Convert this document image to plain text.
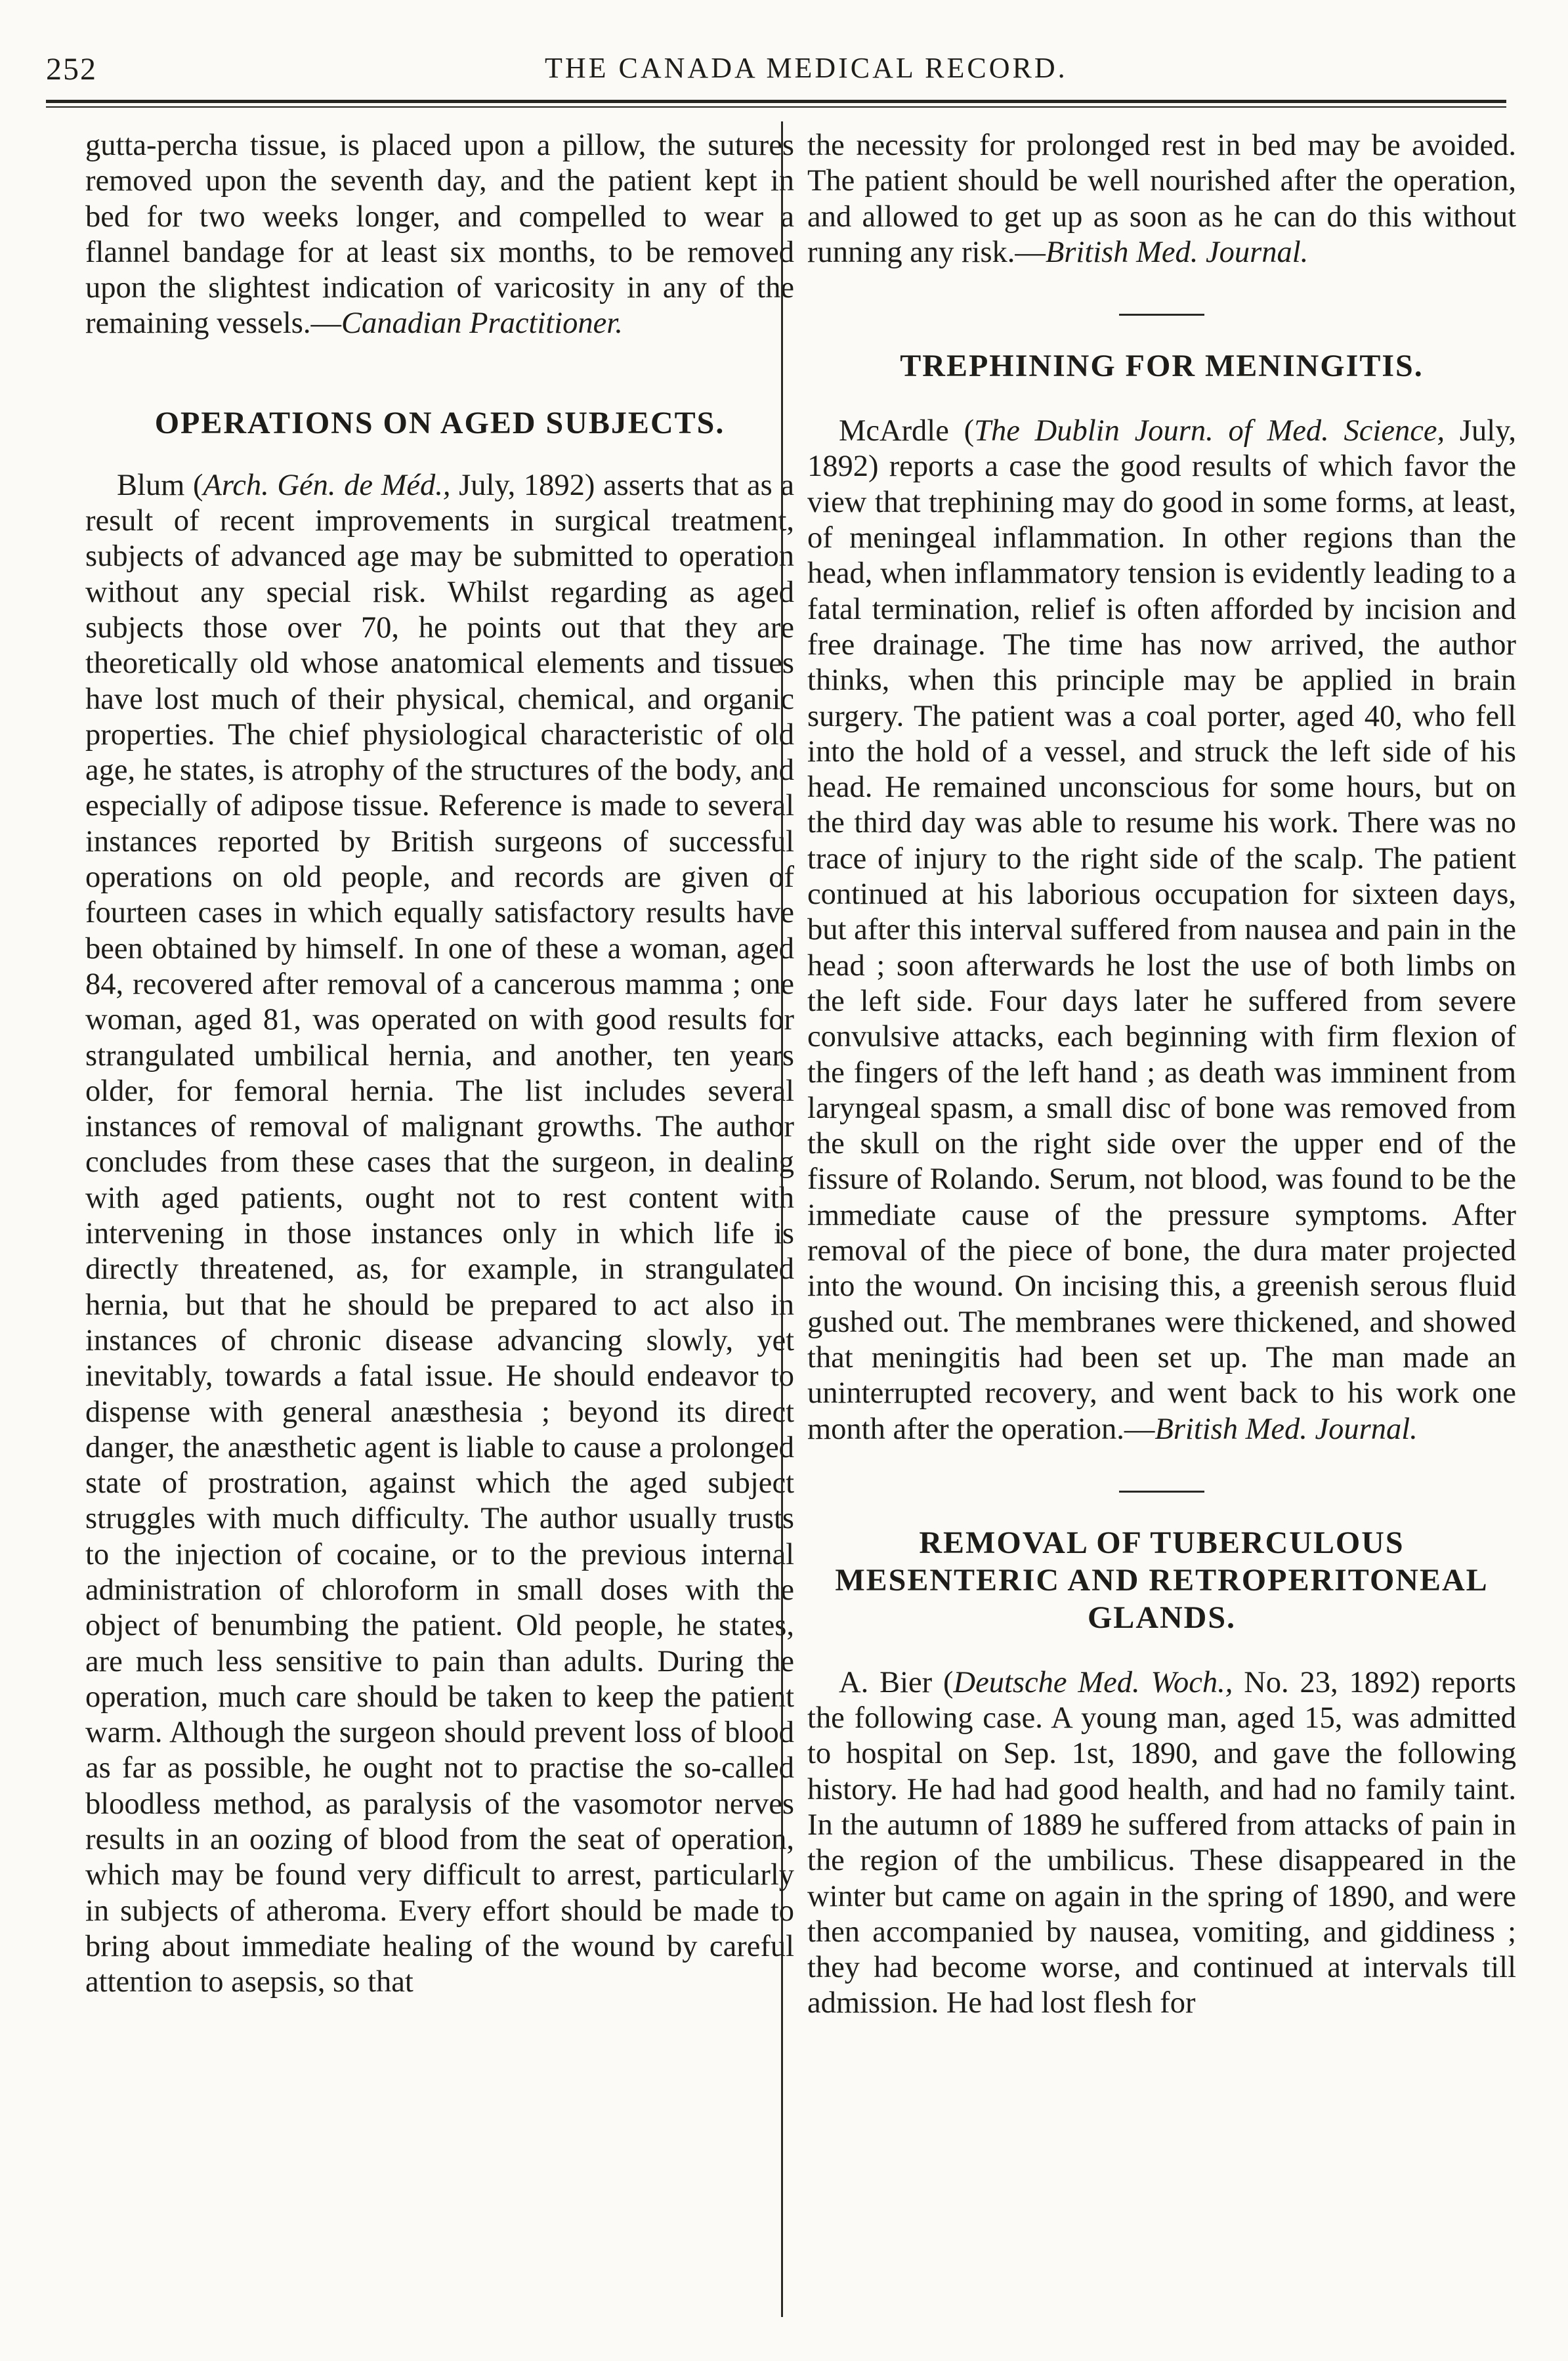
252	THE CANADA MEDICAL RECORD.

gutta-percha tissue, is placed upon a pillow, the sutures removed upon the seventh day, and the patient kept in bed for two weeks longer, and compelled to wear a flannel bandage for at least six months, to be removed upon the slightest indication of varicosity in any of the remaining vessels.—Canadian Practitioner.

OPERATIONS ON AGED SUBJECTS.

Blum (Arch. Gén. de Méd., July, 1892) asserts that as a result of recent improvements in surgical treatment, subjects of advanced age may be submitted to operation without any special risk. Whilst regarding as aged subjects those over 70, he points out that they are theoretically old whose anatomical elements and tissues have lost much of their physical, chemical, and organic properties. The chief physiological characteristic of old age, he states, is atrophy of the structures of the body, and especially of adipose tissue. Reference is made to several instances reported by British surgeons of successful operations on old people, and records are given of fourteen cases in which equally satisfactory results have been obtained by himself. In one of these a woman, aged 84, recovered after removal of a cancerous mamma ; one woman, aged 81, was operated on with good results for strangulated umbilical hernia, and another, ten years older, for femoral hernia. The list includes several instances of removal of malignant growths. The author concludes from these cases that the surgeon, in dealing with aged patients, ought not to rest content with intervening in those instances only in which life is directly threatened, as, for example, in strangulated hernia, but that he should be prepared to act also in instances of chronic disease advancing slowly, yet inevitably, towards a fatal issue. He should endeavor to dispense with general anæsthesia ; beyond its direct danger, the anæsthetic agent is liable to cause a prolonged state of prostration, against which the aged subject struggles with much difficulty. The author usually trusts to the injection of cocaine, or to the previous internal administration of chloroform in small doses with the object of benumbing the patient. Old people, he states, are much less sensitive to pain than adults. During the operation, much care should be taken to keep the patient warm. Although the surgeon should prevent loss of blood as far as possible, he ought not to practise the so-called bloodless method, as paralysis of the vasomotor nerves results in an oozing of blood from the seat of operation, which may be found very difficult to arrest, particularly in subjects of atheroma. Every effort should be made to bring about immediate healing of the wound by careful attention to asepsis, so that

the necessity for prolonged rest in bed may be avoided. The patient should be well nourished after the operation, and allowed to get up as soon as he can do this without running any risk.—British Med. Journal.

TREPHINING FOR MENINGITIS.

McArdle (The Dublin Journ. of Med. Science, July, 1892) reports a case the good results of which favor the view that trephining may do good in some forms, at least, of meningeal inflammation. In other regions than the head, when inflammatory tension is evidently leading to a fatal termination, relief is often afforded by incision and free drainage. The time has now arrived, the author thinks, when this principle may be applied in brain surgery. The patient was a coal porter, aged 40, who fell into the hold of a vessel, and struck the left side of his head. He remained unconscious for some hours, but on the third day was able to resume his work. There was no trace of injury to the right side of the scalp. The patient continued at his laborious occupation for sixteen days, but after this interval suffered from nausea and pain in the head ; soon afterwards he lost the use of both limbs on the left side. Four days later he suffered from severe convulsive attacks, each beginning with firm flexion of the fingers of the left hand ; as death was imminent from laryngeal spasm, a small disc of bone was removed from the skull on the right side over the upper end of the fissure of Rolando. Serum, not blood, was found to be the immediate cause of the pressure symptoms. After removal of the piece of bone, the dura mater projected into the wound. On incising this, a greenish serous fluid gushed out. The membranes were thickened, and showed that meningitis had been set up. The man made an uninterrupted recovery, and went back to his work one month after the operation.—British Med. Journal.

REMOVAL OF TUBERCULOUS MESENTERIC AND RETROPERITONEAL GLANDS.

A. Bier (Deutsche Med. Woch., No. 23, 1892) reports the following case. A young man, aged 15, was admitted to hospital on Sep. 1st, 1890, and gave the following history. He had had good health, and had no family taint. In the autumn of 1889 he suffered from attacks of pain in the region of the umbilicus. These disappeared in the winter but came on again in the spring of 1890, and were then accompanied by nausea, vomiting, and giddiness ; they had become worse, and continued at intervals till admission. He had lost flesh for
